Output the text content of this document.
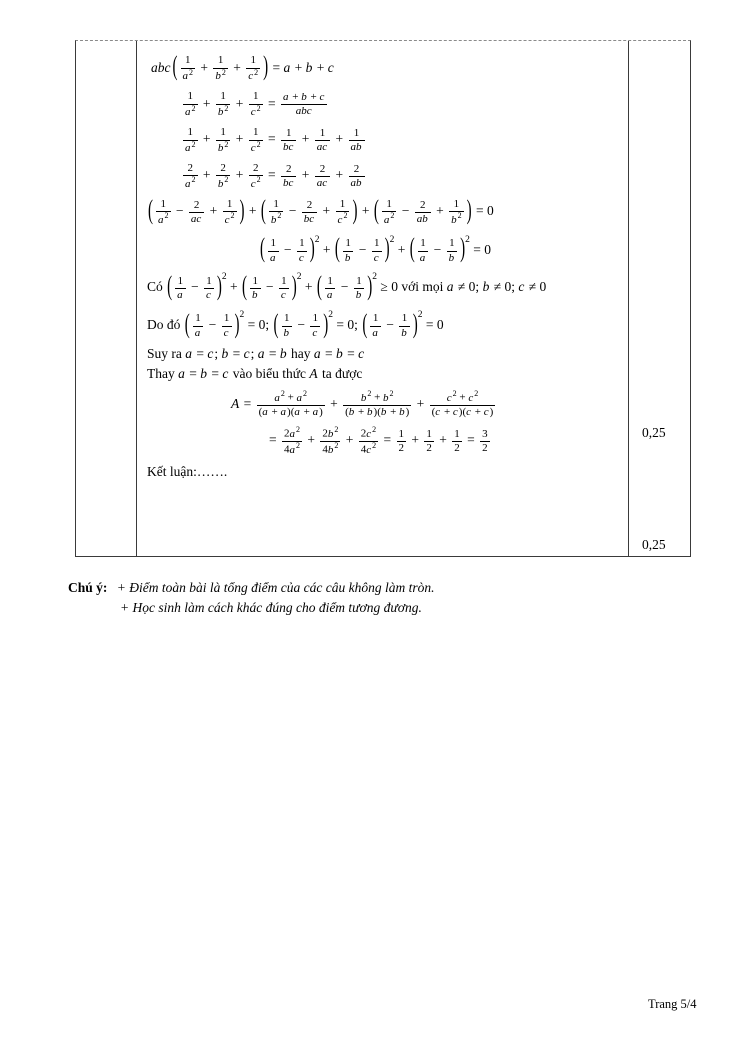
abc ( $\frac{1}{a^2} + \frac{1}{b^2} + \frac{1}{c^2}$ ) = a + b + c
$\frac{1}{a^2} + \frac{1}{b^2} + \frac{1}{c^2} = \frac{a + b + c}{\text{abc}}$
$\frac{1}{a^2} + \frac{1}{b^2} + \frac{1}{c^2} = \frac{1}{bc} + \frac{1}{ac} + \frac{1}{ab}$
$\frac{2}{a^2} + \frac{2}{b^2} + \frac{2}{c^2} = \frac{2}{bc} + \frac{2}{ac} + \frac{2}{ab}$
( $\frac{1}{a^2} - \frac{2}{ac} + \frac{1}{c^2}$ ) + ( $\frac{1}{b^2} - \frac{2}{bc} + \frac{1}{c^2}$ ) + ( $\frac{1}{a^2} - \frac{2}{ab} + \frac{1}{b^2}$ ) = 0
( $\frac{1}{a} - \frac{1}{c} )^2$ + ( $\frac{1}{b} - \frac{1}{c} )^2$ + ( $\frac{1}{a} - \frac{1}{b} )^2 = 0$
Có ( $\frac{1}{a} - \frac{1}{c} )^2$ + ( $\frac{1}{b} - \frac{1}{c} )^2$ + ( $\frac{1}{a} - \frac{1}{b} )^2 \ge 0$ với mọi a ≠ 0; b ≠ 0; c ≠ 0
Do đó ( $\frac{1}{a} - \frac{1}{c} )^2 = 0$; ( $\frac{1}{b} - \frac{1}{c} )^2 = 0$; ( $\frac{1}{a} - \frac{1}{b} )^2 = 0$
Suy ra a = c; b = c; a = b hay a = b = c
Thay a = b = c vào biểu thức A ta được
$A = \frac{a^2 + a^2}{(a + a)(a + a)} + \frac{b^2 + b^2}{(b + b)(b + b)} + \frac{c^2 + c^2}{(c + c)(c + c)}$
= $\frac{2a^2}{4a^2} + \frac{2b^2}{4b^2} + \frac{2c^2}{4c^2} = \frac{1}{2} + \frac{1}{2} + \frac{1}{2} = \frac{3}{2}$
Kết luận:…….
0,25
0,25
Chú ý: + Điểm toàn bài là tổng điểm của các câu không làm tròn.
+ Học sinh làm cách khác đúng cho điểm tương đương.
Trang 5/4
